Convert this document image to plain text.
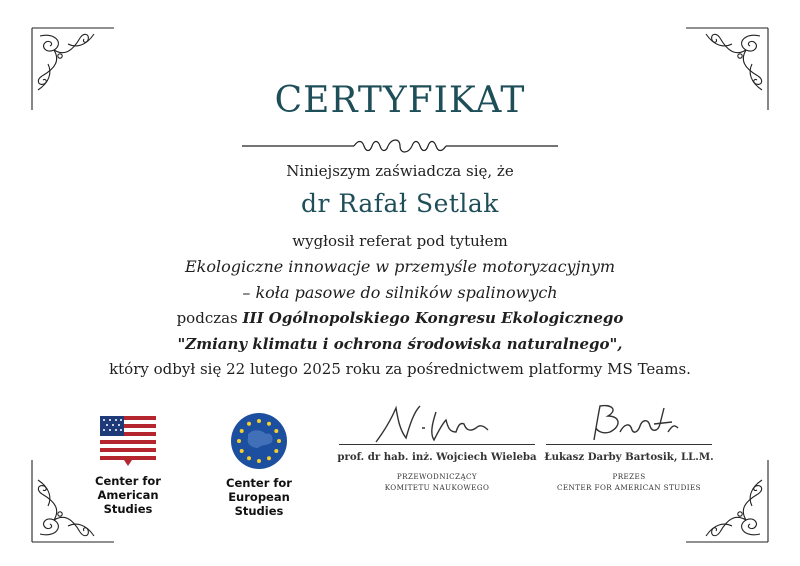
CERTYFIKAT
Niniejszym zaświadcza się, że
dr Rafał Setlak
wygłosił referat pod tytułem
Ekologiczne innowacje w przemyśle motoryzacyjnym
– koła pasowe do silników spalinowych
podczas III Ogólnopolskiego Kongresu Ekologicznego
"Zmiany klimatu i ochrona środowiska naturalnego",
który odbył się 22 lutego 2025 roku za pośrednictwem platformy MS Teams.
Center for
American Studies
Center for
European Studies
prof. dr hab. inż. Wojciech Wieleba
PRZEWODNICZĄCY
KOMITETU NAUKOWEGO
Łukasz Darby Bartosik, LL.M.
PREZES
CENTER FOR AMERICAN STUDIES
